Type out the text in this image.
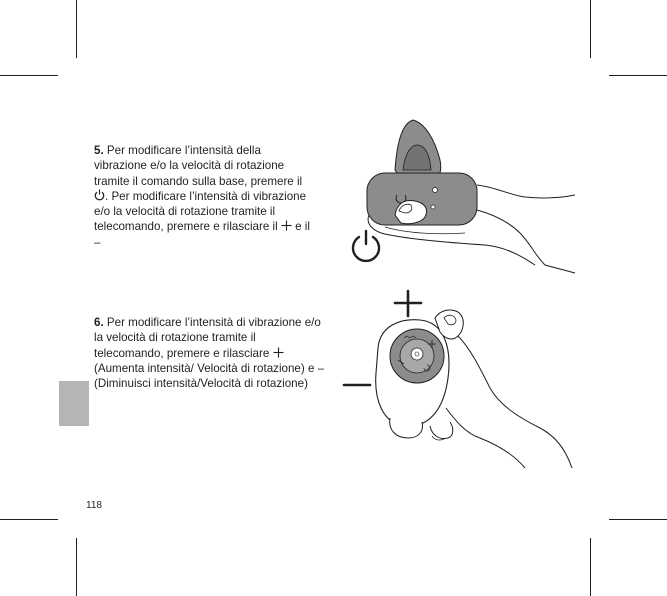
5. Per modificare l’intensità della vibrazione e/o la velocità di rotazione tramite il comando sulla base, premere il . Per modificare l’intensità di vibrazione e/o la velocità di rotazione tramite il telecomando, premere e rilasciare il  e il –
6. Per modificare l’intensità di vibrazione e/o la velocità di rotazione tramite il telecomando, premere e rilasciare  (Aumenta intensità/ Velocità di rotazione) e – (Diminuisci intensità/Velocità di rotazione)
118
